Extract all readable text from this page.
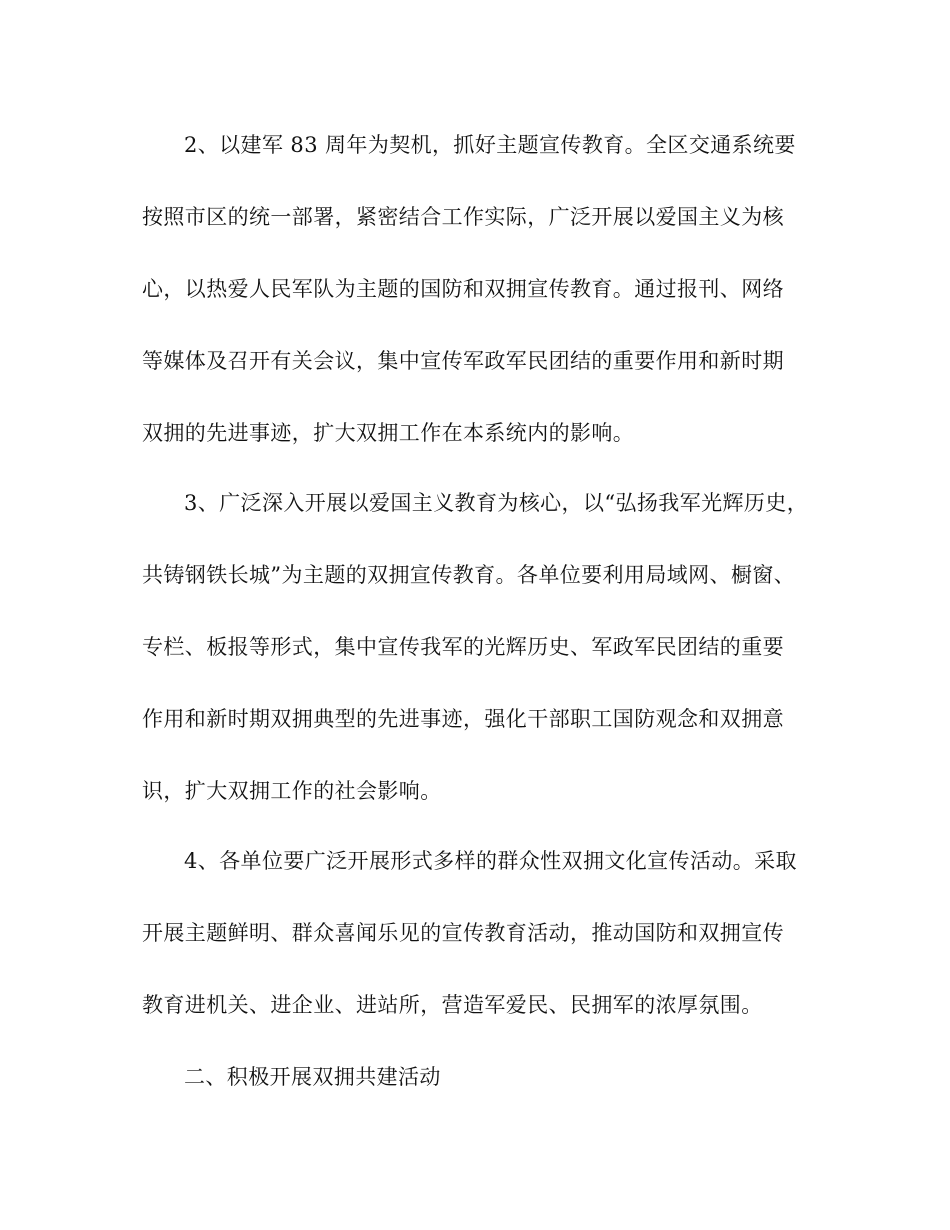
2、以建军 83 周年为契机，抓好主题宣传教育。全区交通系统要
按照市区的统一部署，紧密结合工作实际，广泛开展以爱国主义为核
心，以热爱人民军队为主题的国防和双拥宣传教育。通过报刊、网络
等媒体及召开有关会议，集中宣传军政军民团结的重要作用和新时期
双拥的先进事迹，扩大双拥工作在本系统内的影响。
3、广泛深入开展以爱国主义教育为核心，以“弘扬我军光辉历史，
共铸钢铁长城”为主题的双拥宣传教育。各单位要利用局域网、橱窗、
专栏、板报等形式，集中宣传我军的光辉历史、军政军民团结的重要
作用和新时期双拥典型的先进事迹，强化干部职工国防观念和双拥意
识，扩大双拥工作的社会影响。
4、各单位要广泛开展形式多样的群众性双拥文化宣传活动。采取
开展主题鲜明、群众喜闻乐见的宣传教育活动，推动国防和双拥宣传
教育进机关、进企业、进站所，营造军爱民、民拥军的浓厚氛围。
二、积极开展双拥共建活动
